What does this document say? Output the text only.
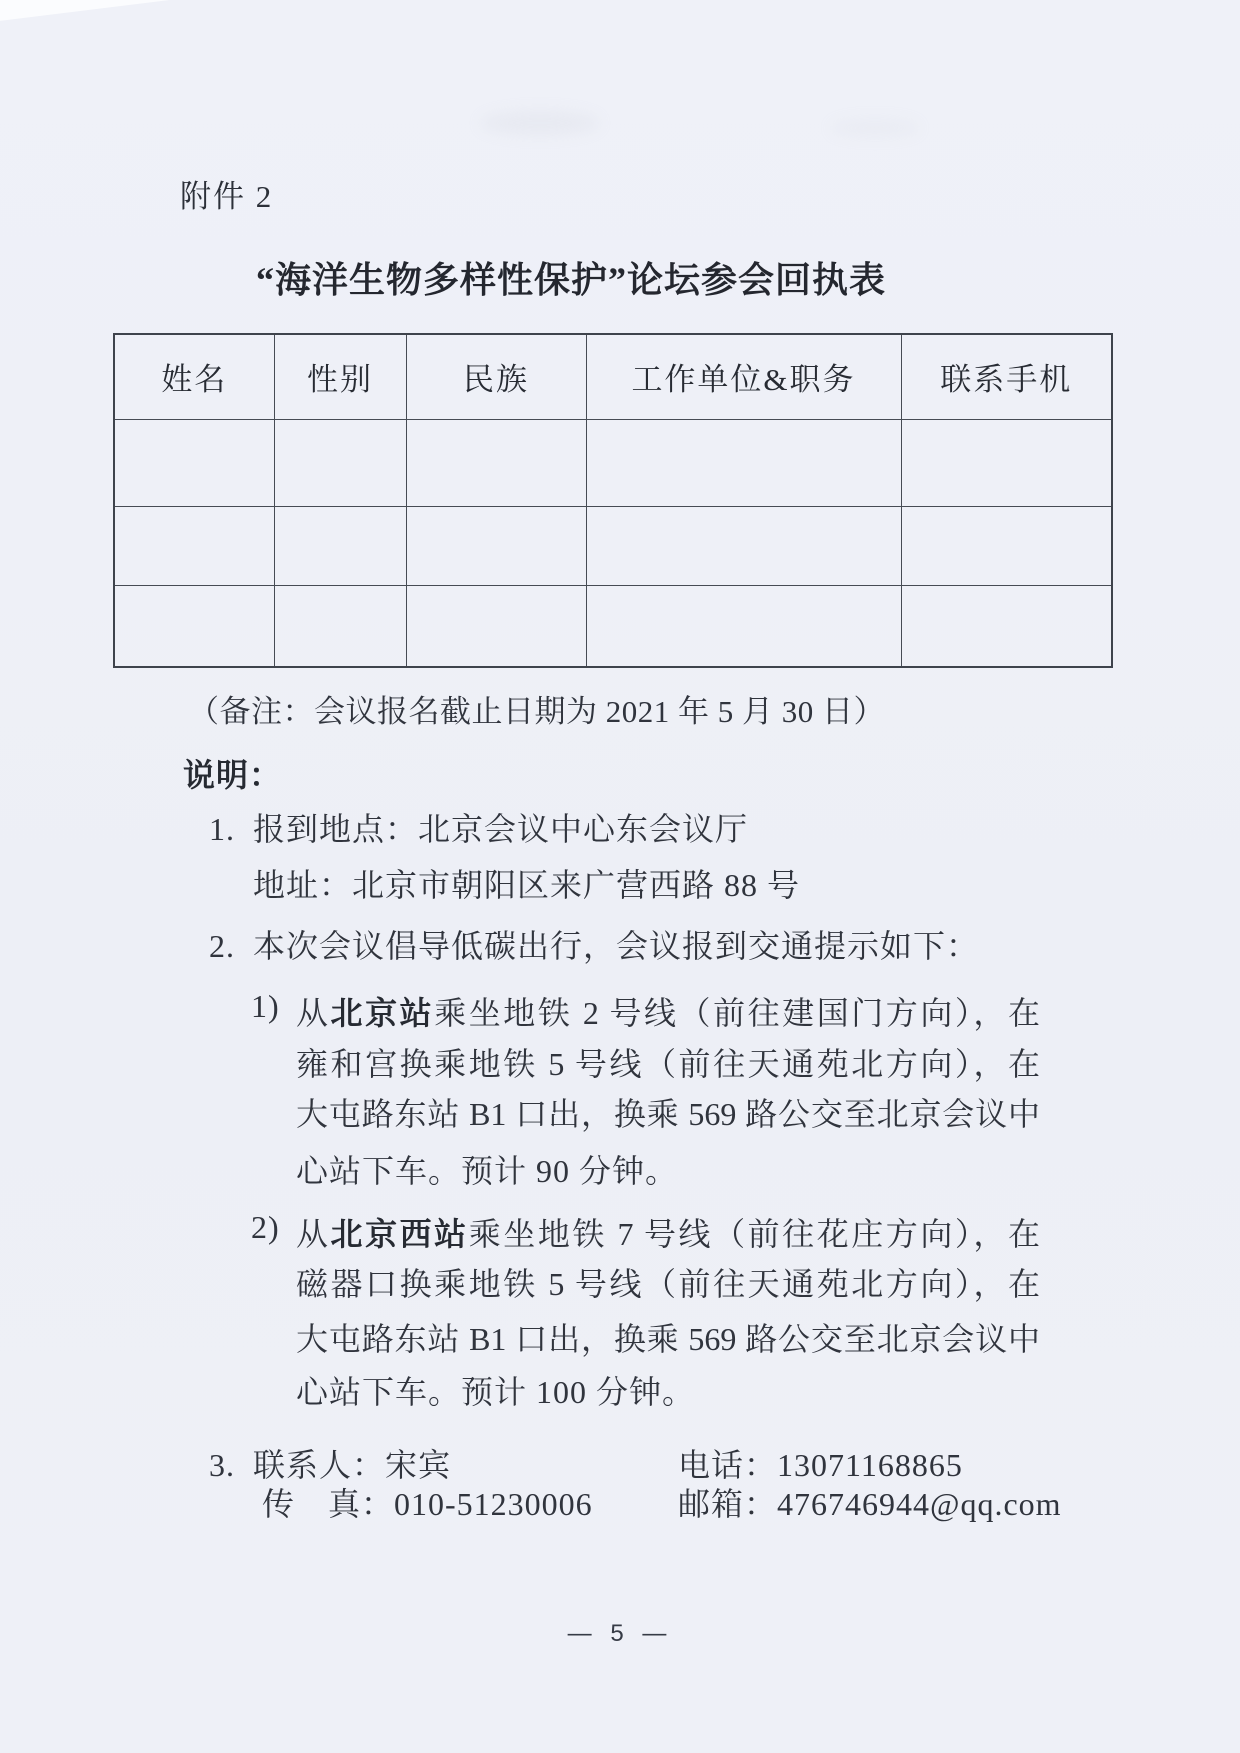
附件 2
“海洋生物多样性保护”论坛参会回执表
姓名	性别	民族	工作单位&职务	联系手机

（备注：会议报名截止日期为 2021 年 5 月 30 日）
说明：
1. 报到地点：北京会议中心东会议厅
地址：北京市朝阳区来广营西路 88 号
2. 本次会议倡导低碳出行，会议报到交通提示如下：
1) 从北京站乘坐地铁 2 号线（前往建国门方向），在
雍和宫换乘地铁 5 号线（前往天通苑北方向），在
大屯路东站 B1 口出，换乘 569 路公交至北京会议中
心站下车。预计 90 分钟。
2) 从北京西站乘坐地铁 7 号线（前往花庄方向），在
磁器口换乘地铁 5 号线（前往天通苑北方向），在
大屯路东站 B1 口出，换乘 569 路公交至北京会议中
心站下车。预计 100 分钟。
3. 联系人：宋宾	电话：13071168865
传　真：010-51230006	邮箱：476746944@qq.com
— 5 —
